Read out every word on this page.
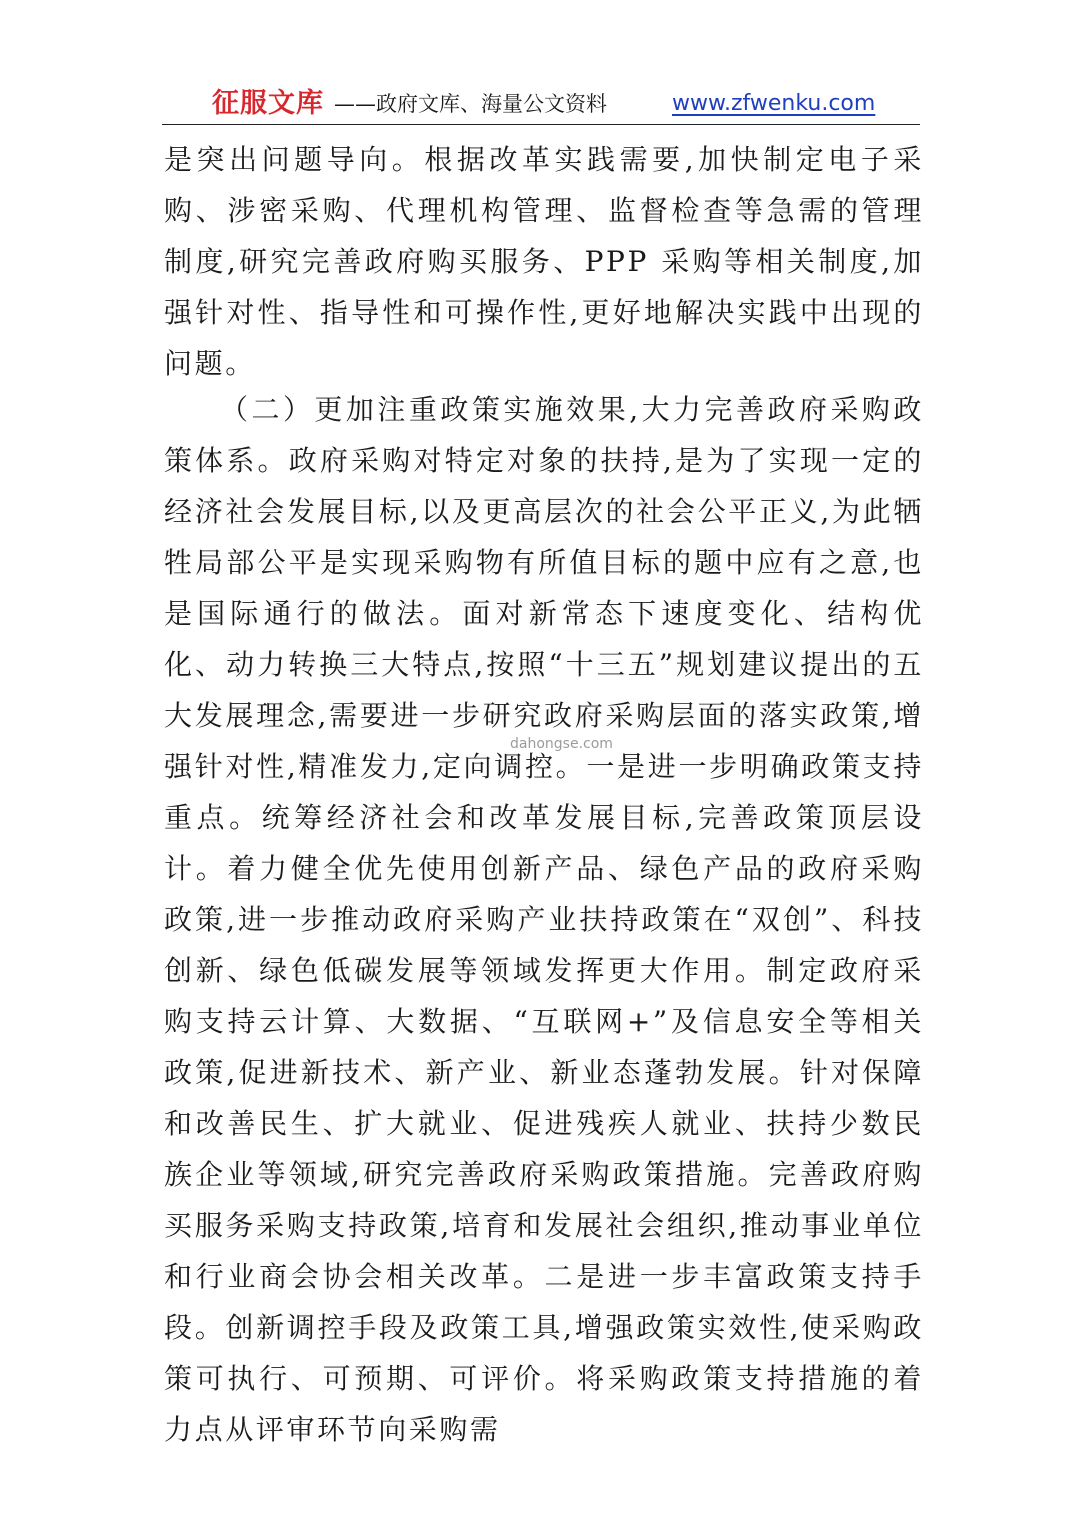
征服文库 ——政府文库、海量公文资料	www.zfwenku.com

是突出问题导向。根据改革实践需要,加快制定电子采购、涉密采购、代理机构管理、监督检查等急需的管理制度,研究完善政府购买服务、PPP 采购等相关制度,加强针对性、指导性和可操作性,更好地解决实践中出现的问题。

（二）更加注重政策实施效果,大力完善政府采购政策体系。政府采购对特定对象的扶持,是为了实现一定的经济社会发展目标,以及更高层次的社会公平正义,为此牺牲局部公平是实现采购物有所值目标的题中应有之意,也是国际通行的做法。面对新常态下速度变化、结构优化、动力转换三大特点,按照“十三五”规划建议提出的五大发展理念,需要进一步研究政府采购层面的落实政策,增强针对性,精准发力,定向调控。一是进一步明确政策支持重点。统筹经济社会和改革发展目标,完善政策顶层设计。着力健全优先使用创新产品、绿色产品的政府采购政策,进一步推动政府采购产业扶持政策在“双创”、科技创新、绿色低碳发展等领域发挥更大作用。制定政府采购支持云计算、大数据、“互联网+”及信息安全等相关政策,促进新技术、新产业、新业态蓬勃发展。针对保障和改善民生、扩大就业、促进残疾人就业、扶持少数民族企业等领域,研究完善政府采购政策措施。完善政府购买服务采购支持政策,培育和发展社会组织,推动事业单位和行业商会协会相关改革。二是进一步丰富政策支持手段。创新调控手段及政策工具,增强政策实效性,使采购政策可执行、可预期、可评价。将采购政策支持措施的着力点从评审环节向采购需

dahongse.com
